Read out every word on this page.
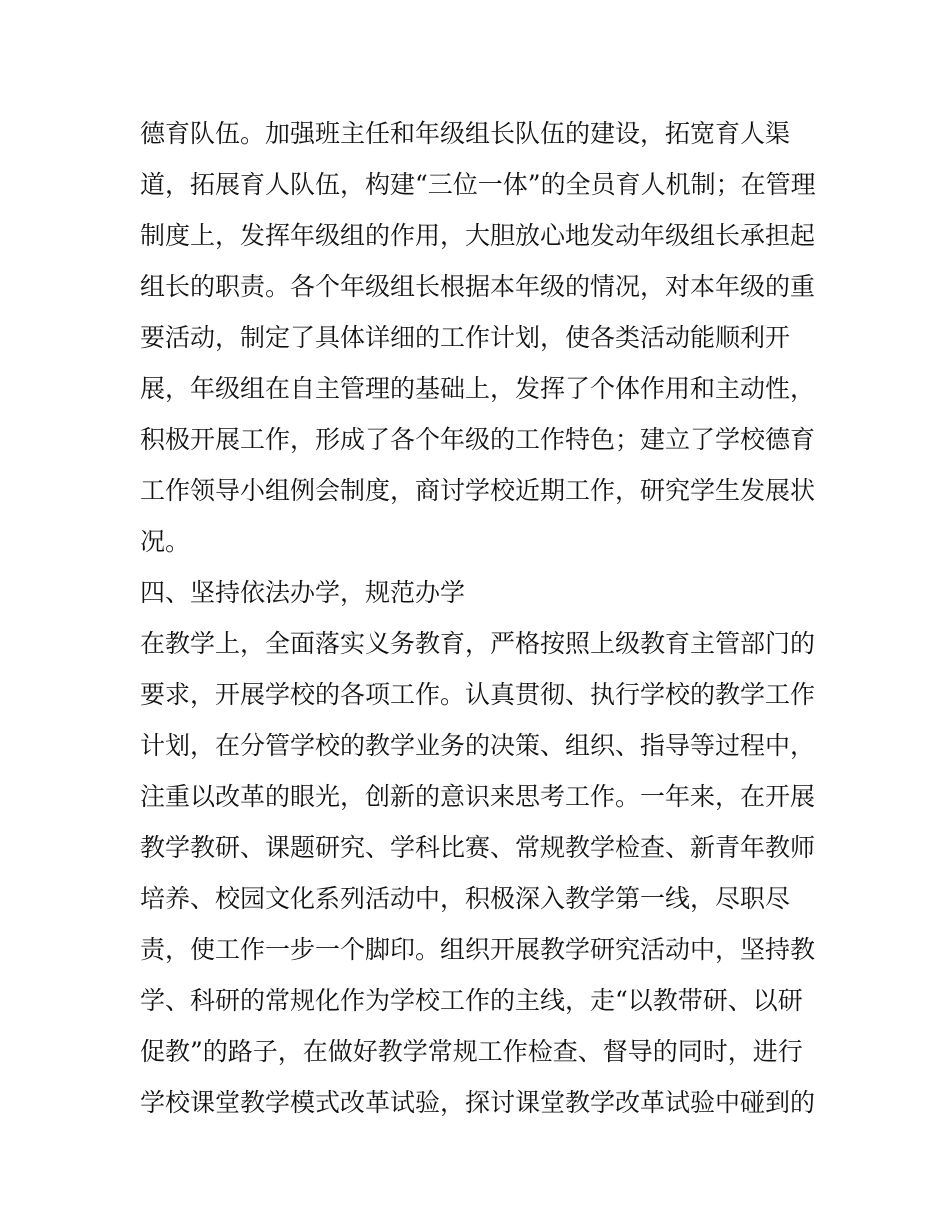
德育队伍。加强班主任和年级组长队伍的建设，拓宽育人渠
道，拓展育人队伍，构建“三位一体”的全员育人机制；在管理
制度上，发挥年级组的作用，大胆放心地发动年级组长承担起
组长的职责。各个年级组长根据本年级的情况，对本年级的重
要活动，制定了具体详细的工作计划，使各类活动能顺利开
展，年级组在自主管理的基础上，发挥了个体作用和主动性，
积极开展工作，形成了各个年级的工作特色；建立了学校德育
工作领导小组例会制度，商讨学校近期工作，研究学生发展状
况。
四、坚持依法办学，规范办学
在教学上，全面落实义务教育，严格按照上级教育主管部门的
要求，开展学校的各项工作。认真贯彻、执行学校的教学工作
计划，在分管学校的教学业务的决策、组织、指导等过程中，
注重以改革的眼光，创新的意识来思考工作。一年来，在开展
教学教研、课题研究、学科比赛、常规教学检查、新青年教师
培养、校园文化系列活动中，积极深入教学第一线，尽职尽
责，使工作一步一个脚印。组织开展教学研究活动中，坚持教
学、科研的常规化作为学校工作的主线，走“以教带研、以研
促教”的路子，在做好教学常规工作检查、督导的同时，进行
学校课堂教学模式改革试验，探讨课堂教学改革试验中碰到的
